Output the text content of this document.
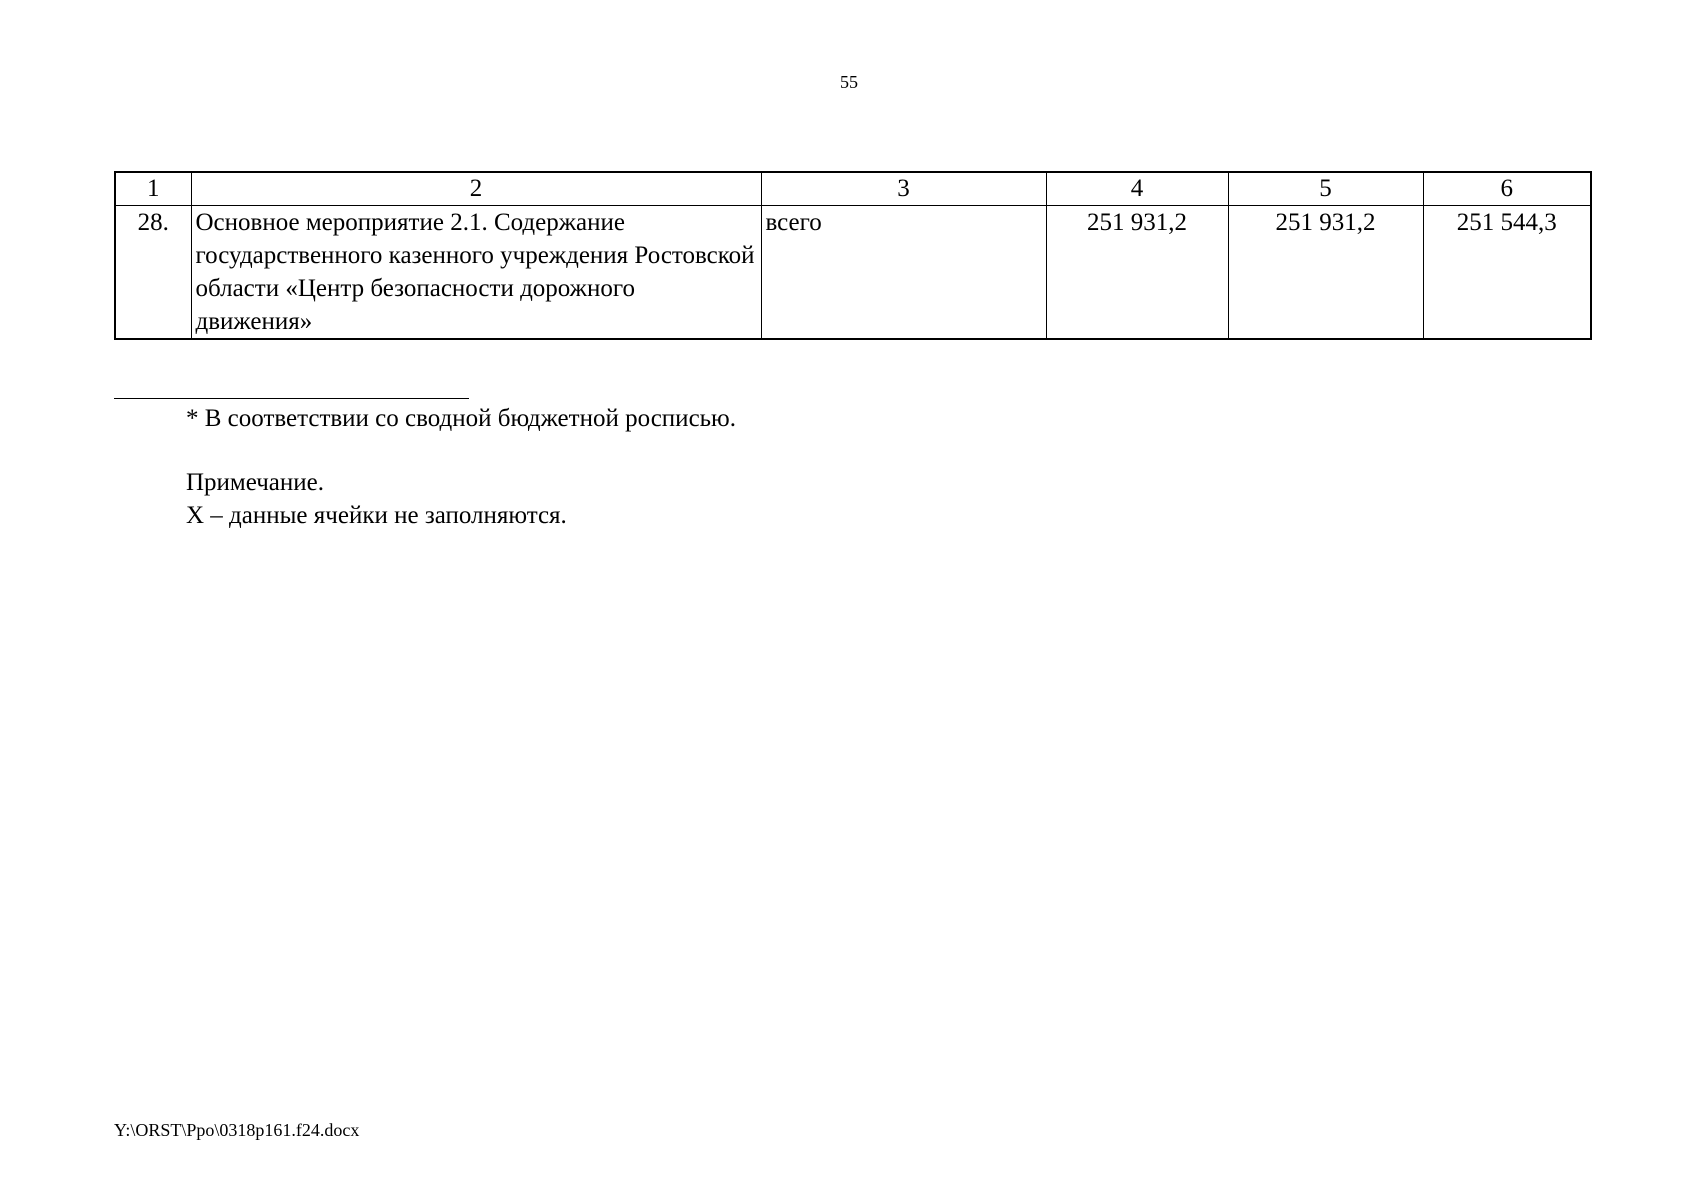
55
1	2	3	4	5	6
28.	Основное мероприятие 2.1. Содержание государственного казенного учреждения Ростовской области «Центр безопасности дорожного движения»	всего	251 931,2	251 931,2	251 544,3
* В соответствии со сводной бюджетной росписью.
Примечание.
Х – данные ячейки не заполняются.
Y:\ORST\Ppo\0318p161.f24.docx
